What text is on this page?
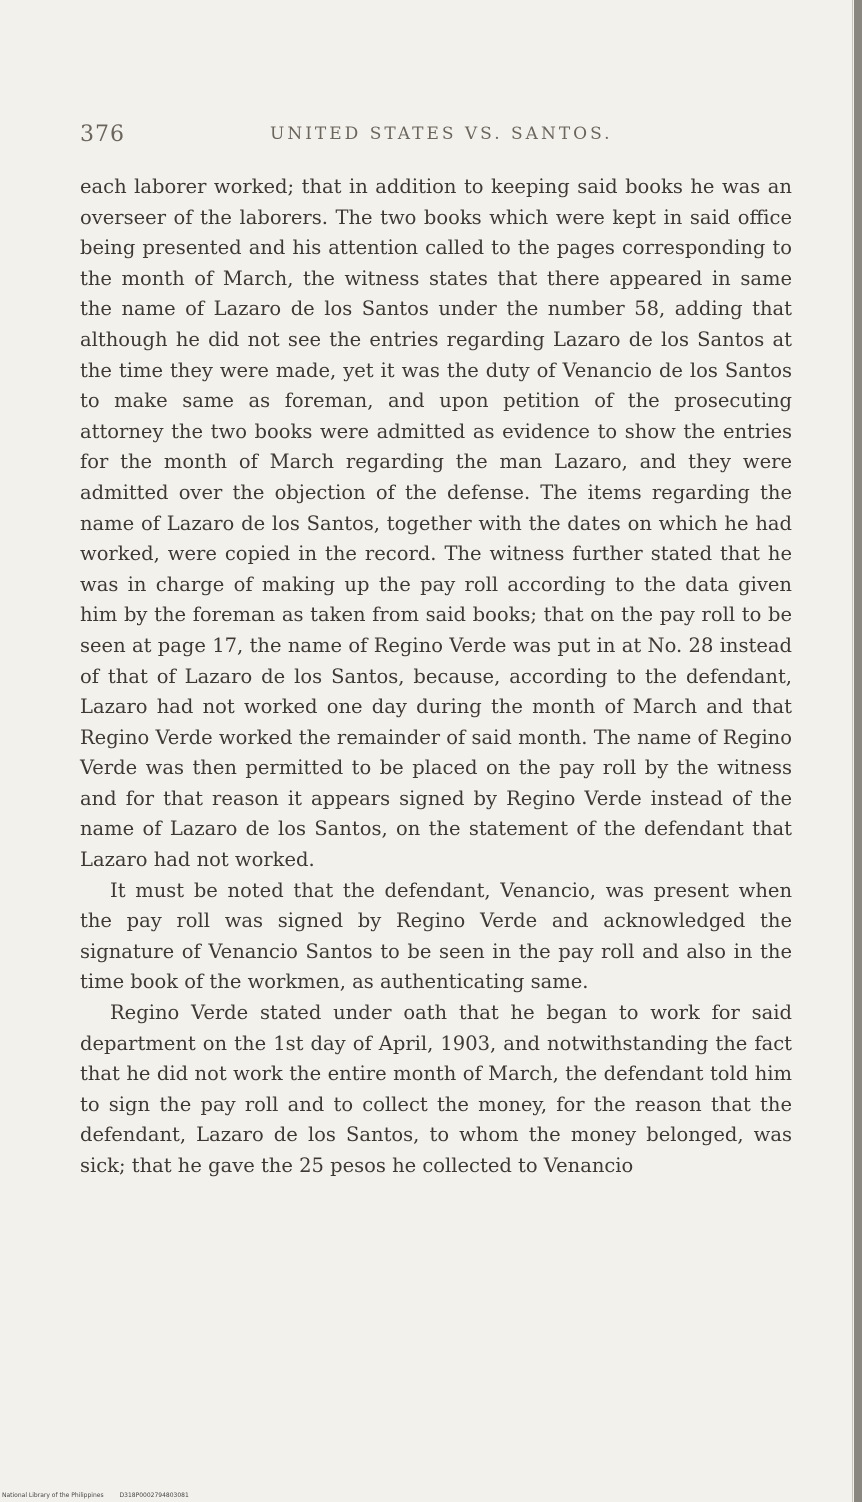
376	UNITED STATES VS. SANTOS.

each laborer worked; that in addition to keeping said books he was an overseer of the laborers. The two books which were kept in said office being presented and his attention called to the pages corresponding to the month of March, the witness states that there appeared in same the name of Lazaro de los Santos under the number 58, adding that although he did not see the entries regarding Lazaro de los Santos at the time they were made, yet it was the duty of Venancio de los Santos to make same as foreman, and upon petition of the prosecuting attorney the two books were admitted as evidence to show the entries for the month of March regarding the man Lazaro, and they were admitted over the objection of the defense. The items regarding the name of Lazaro de los Santos, together with the dates on which he had worked, were copied in the record. The witness further stated that he was in charge of making up the pay roll according to the data given him by the foreman as taken from said books; that on the pay roll to be seen at page 17, the name of Regino Verde was put in at No. 28 instead of that of Lazaro de los Santos, because, according to the defendant, Lazaro had not worked one day during the month of March and that Regino Verde worked the remainder of said month. The name of Regino Verde was then permitted to be placed on the pay roll by the witness and for that reason it appears signed by Regino Verde instead of the name of Lazaro de los Santos, on the statement of the defendant that Lazaro had not worked.

It must be noted that the defendant, Venancio, was present when the pay roll was signed by Regino Verde and acknowledged the signature of Venancio Santos to be seen in the pay roll and also in the time book of the workmen, as authenticating same.

Regino Verde stated under oath that he began to work for said department on the 1st day of April, 1903, and notwithstanding the fact that he did not work the entire month of March, the defendant told him to sign the pay roll and to collect the money, for the reason that the defendant, Lazaro de los Santos, to whom the money belonged, was sick; that he gave the 25 pesos he collected to Venancio

National Library of the Philippines	D318P0002794803081
